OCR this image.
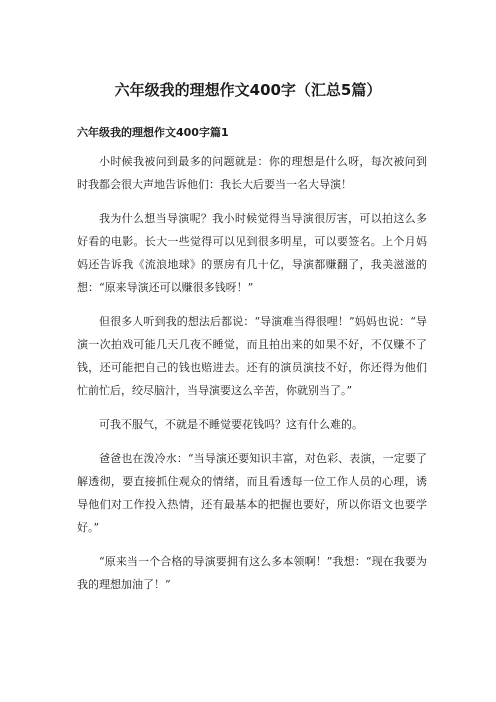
六年级我的理想作文400字（汇总5篇）
六年级我的理想作文400字篇1

小时候我被问到最多的问题就是：你的理想是什么呀，每次被问到时我都会很大声地告诉他们：我长大后要当一名大导演！

我为什么想当导演呢？我小时候觉得当导演很厉害，可以拍这么多好看的电影。长大一些觉得可以见到很多明星，可以要签名。上个月妈妈还告诉我《流浪地球》的票房有几十亿，导演都赚翻了，我美滋滋的想：“原来导演还可以赚很多钱呀！”

但很多人听到我的想法后都说：“导演难当得很哩！”妈妈也说：“导演一次拍戏可能几天几夜不睡觉，而且拍出来的如果不好，不仅赚不了钱，还可能把自己的钱也赔进去。还有的演员演技不好，你还得为他们忙前忙后，绞尽脑汁，当导演要这么辛苦，你就别当了。”

可我不服气，不就是不睡觉要花钱吗？这有什么难的。

爸爸也在泼冷水：“当导演还要知识丰富，对色彩、表演，一定要了解透彻，要直接抓住观众的情绪，而且看透每一位工作人员的心理，诱导他们对工作投入热情，还有最基本的把握也要好，所以你语文也要学好。”

“原来当一个合格的导演要拥有这么多本领啊！”我想：“现在我要为我的理想加油了！”
